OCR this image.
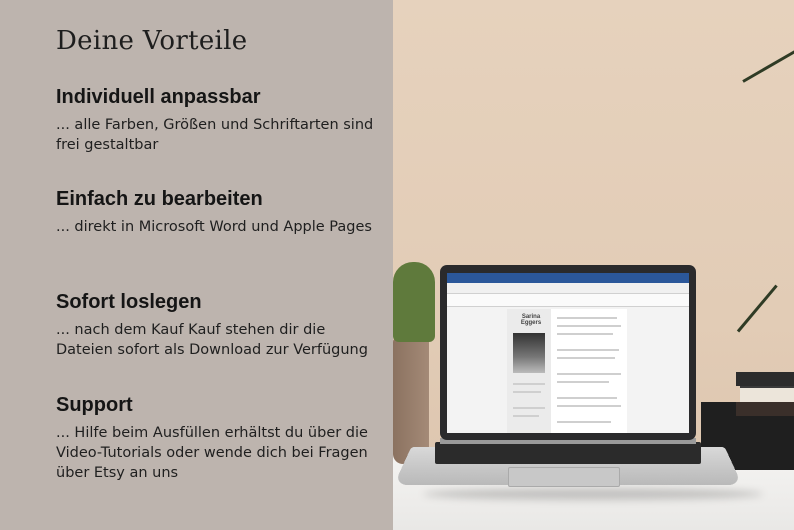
Deine Vorteile
Individuell anpassbar

... alle Farben, Größen und Schriftarten sind frei gestaltbar

Einfach zu bearbeiten

... direkt in Microsoft Word und Apple Pages

Sofort loslegen

... nach dem Kauf Kauf stehen dir die Dateien sofort als Download zur Verfügung

Support

... Hilfe beim Ausfüllen erhältst du über die Video-Tutorials oder wende dich bei Fragen über Etsy an uns

Sarina Eggers
